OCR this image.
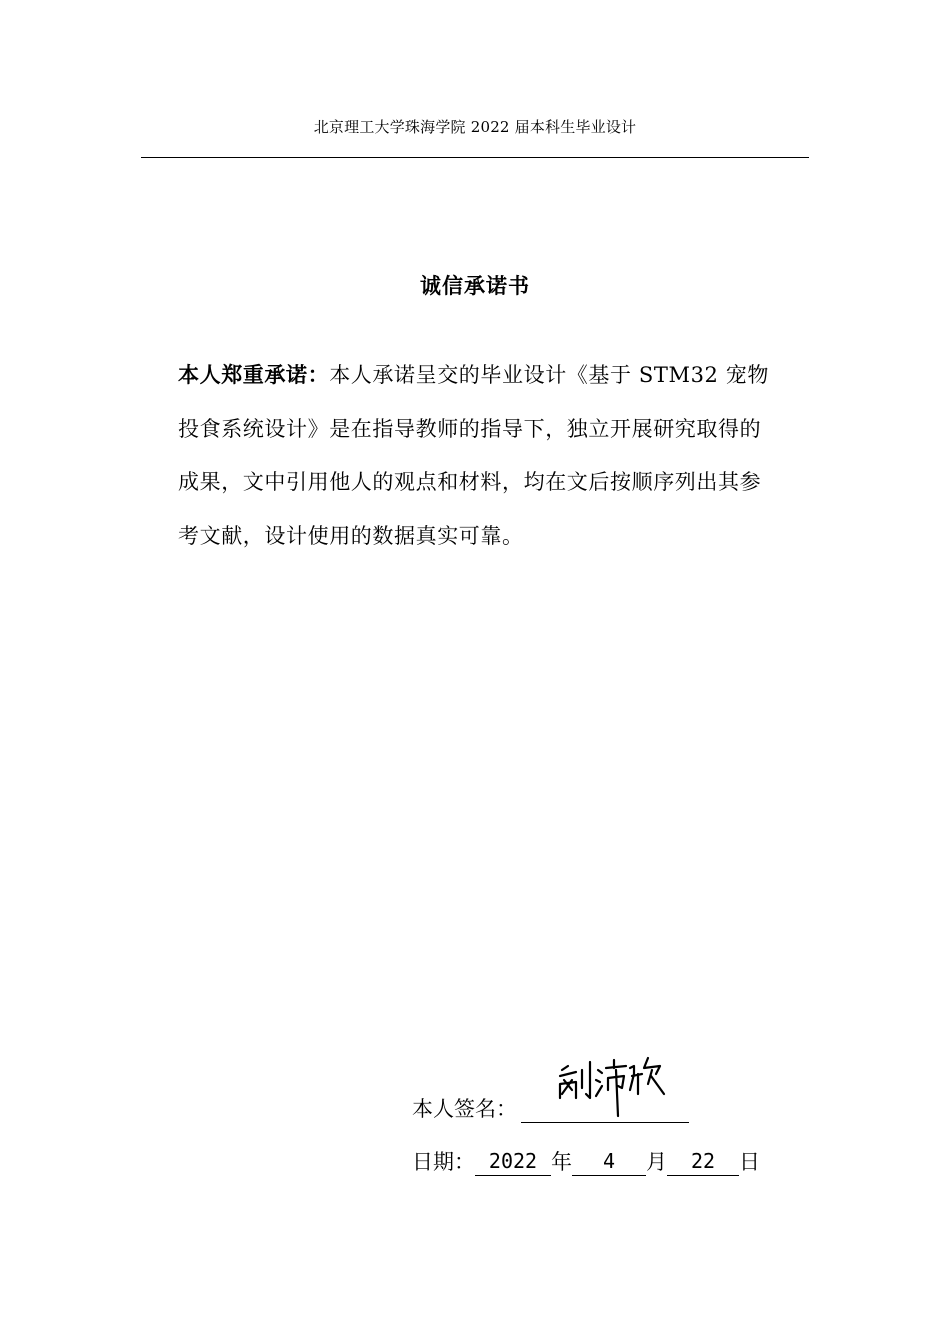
北京理工大学珠海学院 2022 届本科生毕业设计
诚信承诺书
本人郑重承诺：本人承诺呈交的毕业设计《基于 STM32 宠物投食系统设计》是在指导教师的指导下，独立开展研究取得的成果，文中引用他人的观点和材料，均在文后按顺序列出其参考文献，设计使用的数据真实可靠。
本人签名：
日期： 2022 年 4 月 22 日
